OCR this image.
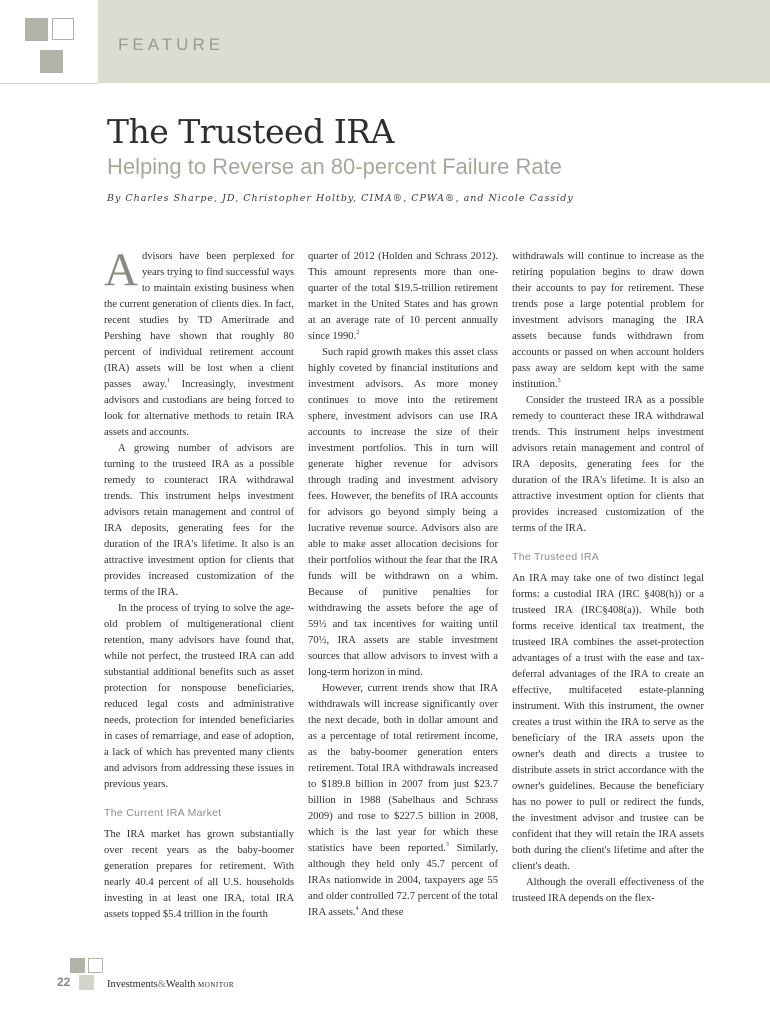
FEATURE
The Trusteed IRA
Helping to Reverse an 80-percent Failure Rate
By Charles Sharpe, JD, Christopher Holtby, CIMA®, CPWA®, and Nicole Cassidy

Advisors have been perplexed for years trying to find successful ways to maintain existing business when the current generation of clients dies. In fact, recent studies by TD Ameritrade and Pershing have shown that roughly 80 percent of individual retirement account (IRA) assets will be lost when a client passes away.$^1$ Increasingly, investment advisors and custodians are being forced to look for alternative methods to retain IRA assets and accounts.

A growing number of advisors are turning to the trusteed IRA as a possible remedy to counteract IRA withdrawal trends. This instrument helps investment advisors retain management and control of IRA deposits, generating fees for the duration of the IRA's lifetime. It also is an attractive investment option for clients that provides increased customization of the terms of the IRA.

In the process of trying to solve the age-old problem of multigenerational client retention, many advisors have found that, while not perfect, the trusteed IRA can add substantial additional benefits such as asset protection for nonspouse beneficiaries, reduced legal costs and administrative needs, protection for intended beneficiaries in cases of remarriage, and ease of adoption, a lack of which has prevented many clients and advisors from addressing these issues in previous years.

The Current IRA Market

The IRA market has grown substantially over recent years as the baby-boomer generation prepares for retirement. With nearly 40.4 percent of all U.S. households investing in at least one IRA, total IRA assets topped $5.4 trillion in the fourth

quarter of 2012 (Holden and Schrass 2012). This amount represents more than one-quarter of the total $19.5-trillion retirement market in the United States and has grown at an average rate of 10 percent annually since 1990.$^2$

Such rapid growth makes this asset class highly coveted by financial institutions and investment advisors. As more money continues to move into the retirement sphere, investment advisors can use IRA accounts to increase the size of their investment portfolios. This in turn will generate higher revenue for advisors through trading and investment advisory fees. However, the benefits of IRA accounts for advisors go beyond simply being a lucrative revenue source. Advisors also are able to make asset allocation decisions for their portfolios without the fear that the IRA funds will be withdrawn on a whim. Because of punitive penalties for withdrawing the assets before the age of 59½ and tax incentives for waiting until 70½, IRA assets are stable investment sources that allow advisors to invest with a long-term horizon in mind.

However, current trends show that IRA withdrawals will increase significantly over the next decade, both in dollar amount and as a percentage of total retirement income, as the baby-boomer generation enters retirement. Total IRA withdrawals increased to $189.8 billion in 2007 from just $23.7 billion in 1988 (Sabelhaus and Schrass 2009) and rose to $227.5 billion in 2008, which is the last year for which these statistics have been reported.$^3$ Similarly, although they held only 45.7 percent of IRAs nationwide in 2004, taxpayers age 55 and older controlled 72.7 percent of the total IRA assets.$^4$ And these

withdrawals will continue to increase as the retiring population begins to draw down their accounts to pay for retirement. These trends pose a large potential problem for investment advisors managing the IRA assets because funds withdrawn from accounts or passed on when account holders pass away are seldom kept with the same institution.$^5$

Consider the trusteed IRA as a possible remedy to counteract these IRA withdrawal trends. This instrument helps investment advisors retain management and control of IRA deposits, generating fees for the duration of the IRA's lifetime. It is also an attractive investment option for clients that provides increased customization of the terms of the IRA.

The Trusteed IRA

An IRA may take one of two distinct legal forms: a custodial IRA (IRC §408(h)) or a trusteed IRA (IRC§408(a)). While both forms receive identical tax treatment, the trusteed IRA combines the asset-protection advantages of a trust with the ease and tax-deferral advantages of the IRA to create an effective, multifaceted estate-planning instrument. With this instrument, the owner creates a trust within the IRA to serve as the beneficiary of the IRA assets upon the owner's death and directs a trustee to distribute assets in strict accordance with the owner's guidelines. Because the beneficiary has no power to pull or redirect the funds, the investment advisor and trustee can be confident that they will retain the IRA assets both during the client's lifetime and after the client's death.

Although the overall effectiveness of the trusteed IRA depends on the flex-

22	Investments&Wealth MONITOR
